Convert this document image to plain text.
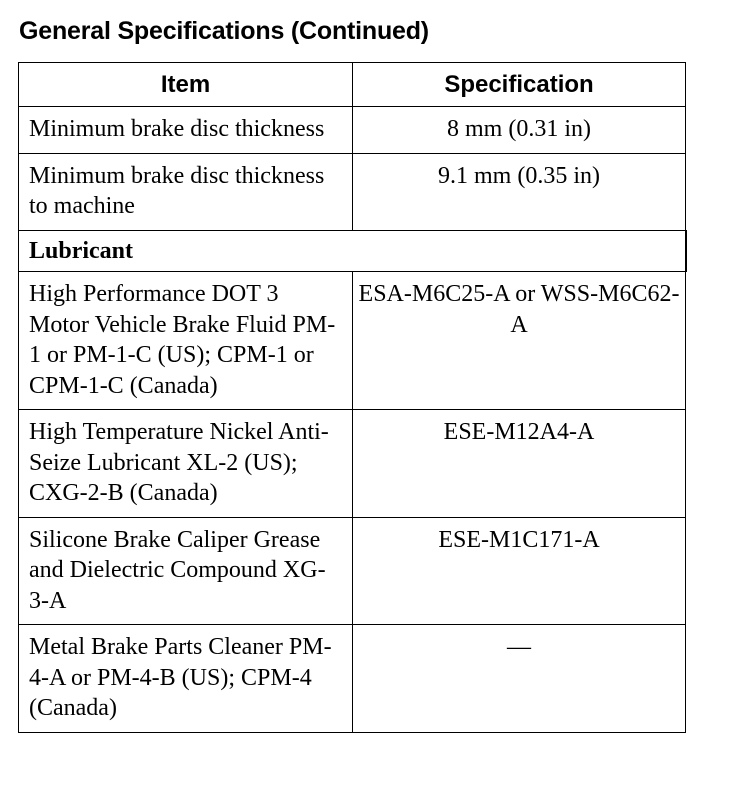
General Specifications (Continued)
Item	Specification
Minimum brake disc thickness	8 mm (0.31 in)
Minimum brake disc thickness to machine	9.1 mm (0.35 in)
Lubricant	
High Performance DOT 3 Motor Vehicle Brake Fluid PM-1 or PM-1-C (US); CPM-1 or CPM-1-C (Canada)	ESA-M6C25-A or WSS-M6C62-A
High Temperature Nickel Anti-Seize Lubricant XL-2 (US); CXG-2-B (Canada)	ESE-M12A4-A
Silicone Brake Caliper Grease and Dielectric Compound XG-3-A	ESE-M1C171-A
Metal Brake Parts Cleaner PM-4-A or PM-4-B (US); CPM-4 (Canada)	—
